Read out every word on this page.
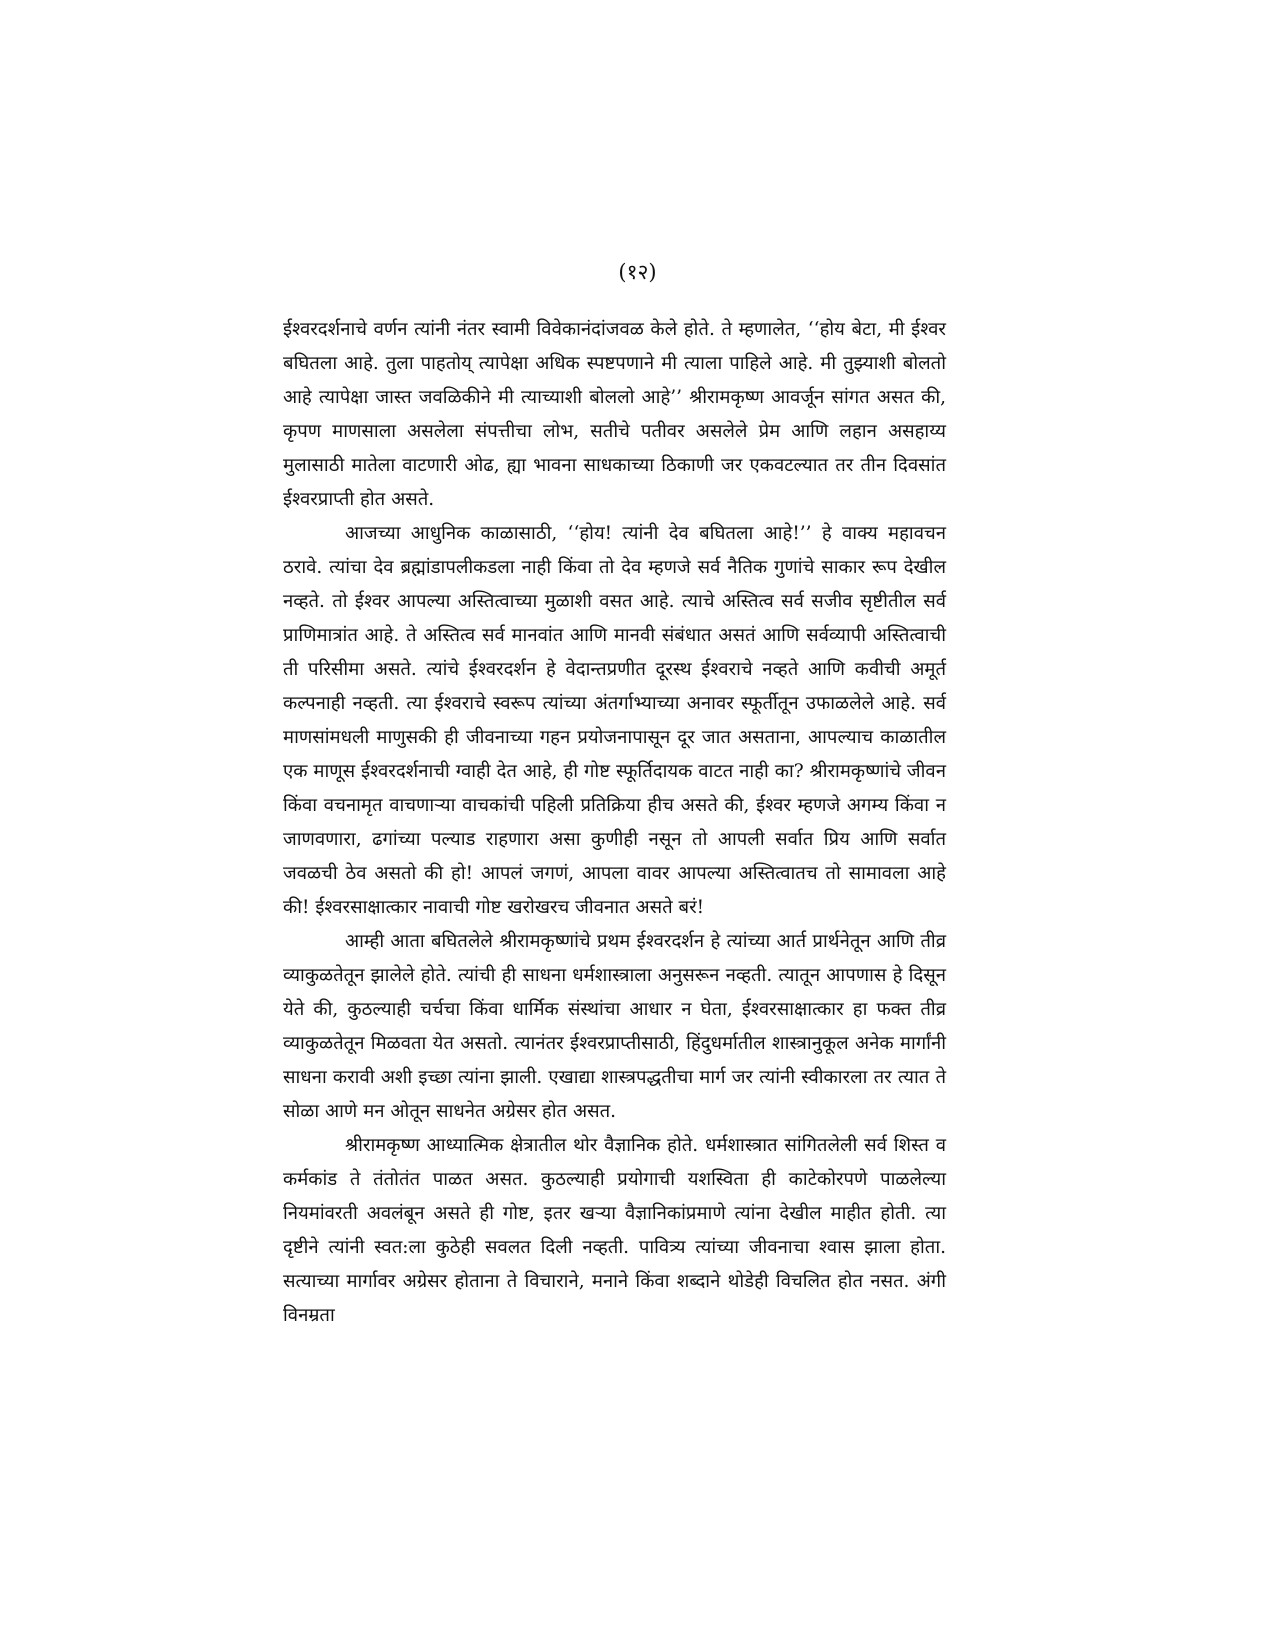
(१२)

ईश्वरदर्शनाचे वर्णन त्यांनी नंतर स्वामी विवेकानंदांजवळ केले होते. ते म्हणालेत, ‘‘होय बेटा, मी ईश्वर बघितला आहे. तुला पाहतोय् त्यापेक्षा अधिक स्पष्टपणाने मी त्याला पाहिले आहे. मी तुझ्याशी बोलतो आहे त्यापेक्षा जास्त जवळिकीने मी त्याच्याशी बोललो आहे’’ श्रीरामकृष्ण आवर्जून सांगत असत की, कृपण माणसाला असलेला संपत्तीचा लोभ, सतीचे पतीवर असलेले प्रेम आणि लहान असहाय्य मुलासाठी मातेला वाटणारी ओढ, ह्या भावना साधकाच्या ठिकाणी जर एकवटल्यात तर तीन दिवसांत ईश्वरप्राप्ती होत असते.

आजच्या आधुनिक काळासाठी, ‘‘होय! त्यांनी देव बघितला आहे!’’ हे वाक्य महावचन ठरावे. त्यांचा देव ब्रह्मांडापलीकडला नाही किंवा तो देव म्हणजे सर्व नैतिक गुणांचे साकार रूप देखील नव्हते. तो ईश्वर आपल्या अस्तित्वाच्या मुळाशी वसत आहे. त्याचे अस्तित्व सर्व सजीव सृष्टीतील सर्व प्राणिमात्रांत आहे. ते अस्तित्व सर्व मानवांत आणि मानवी संबंधात असतं आणि सर्वव्यापी अस्तित्वाची ती परिसीमा असते. त्यांचे ईश्वरदर्शन हे वेदान्तप्रणीत दूरस्थ ईश्वराचे नव्हते आणि कवीची अमूर्त कल्पनाही नव्हती. त्या ईश्वराचे स्वरूप त्यांच्या अंतर्गाभ्याच्या अनावर स्फूर्तीतून उफाळलेले आहे. सर्व माणसांमधली माणुसकी ही जीवनाच्या गहन प्रयोजनापासून दूर जात असताना, आपल्याच काळातील एक माणूस ईश्वरदर्शनाची ग्वाही देत आहे, ही गोष्ट स्फूर्तिदायक वाटत नाही का? श्रीरामकृष्णांचे जीवन किंवा वचनामृत वाचणाऱ्या वाचकांची पहिली प्रतिक्रिया हीच असते की, ईश्वर म्हणजे अगम्य किंवा न जाणवणारा, ढगांच्या पल्याड राहणारा असा कुणीही नसून तो आपली सर्वात प्रिय आणि सर्वात जवळची ठेव असतो की हो! आपलं जगणं, आपला वावर आपल्या अस्तित्वातच तो सामावला आहे की! ईश्वरसाक्षात्कार नावाची गोष्ट खरोखरच जीवनात असते बरं!

आम्ही आता बघितलेले श्रीरामकृष्णांचे प्रथम ईश्वरदर्शन हे त्यांच्या आर्त प्रार्थनेतून आणि तीव्र व्याकुळतेतून झालेले होते. त्यांची ही साधना धर्मशास्त्राला अनुसरून नव्हती. त्यातून आपणास हे दिसून येते की, कुठल्याही चर्चचा किंवा धार्मिक संस्थांचा आधार न घेता, ईश्वरसाक्षात्कार हा फक्त तीव्र व्याकुळतेतून मिळवता येत असतो. त्यानंतर ईश्वरप्राप्तीसाठी, हिंदुधर्मातील शास्त्रानुकूल अनेक मार्गांनी साधना करावी अशी इच्छा त्यांना झाली. एखाद्या शास्त्रपद्धतीचा मार्ग जर त्यांनी स्वीकारला तर त्यात ते सोळा आणे मन ओतून साधनेत अग्रेसर होत असत.

श्रीरामकृष्ण आध्यात्मिक क्षेत्रातील थोर वैज्ञानिक होते. धर्मशास्त्रात सांगितलेली सर्व शिस्त व कर्मकांड ते तंतोतंत पाळत असत. कुठल्याही प्रयोगाची यशस्विता ही काटेकोरपणे पाळलेल्या नियमांवरती अवलंबून असते ही गोष्ट, इतर खऱ्या वैज्ञानिकांप्रमाणे त्यांना देखील माहीत होती. त्या दृष्टीने त्यांनी स्वत:ला कुठेही सवलत दिली नव्हती. पावित्र्य त्यांच्या जीवनाचा श्वास झाला होता. सत्याच्या मार्गावर अग्रेसर होताना ते विचाराने, मनाने किंवा शब्दाने थोडेही विचलित होत नसत. अंगी विनम्रता
